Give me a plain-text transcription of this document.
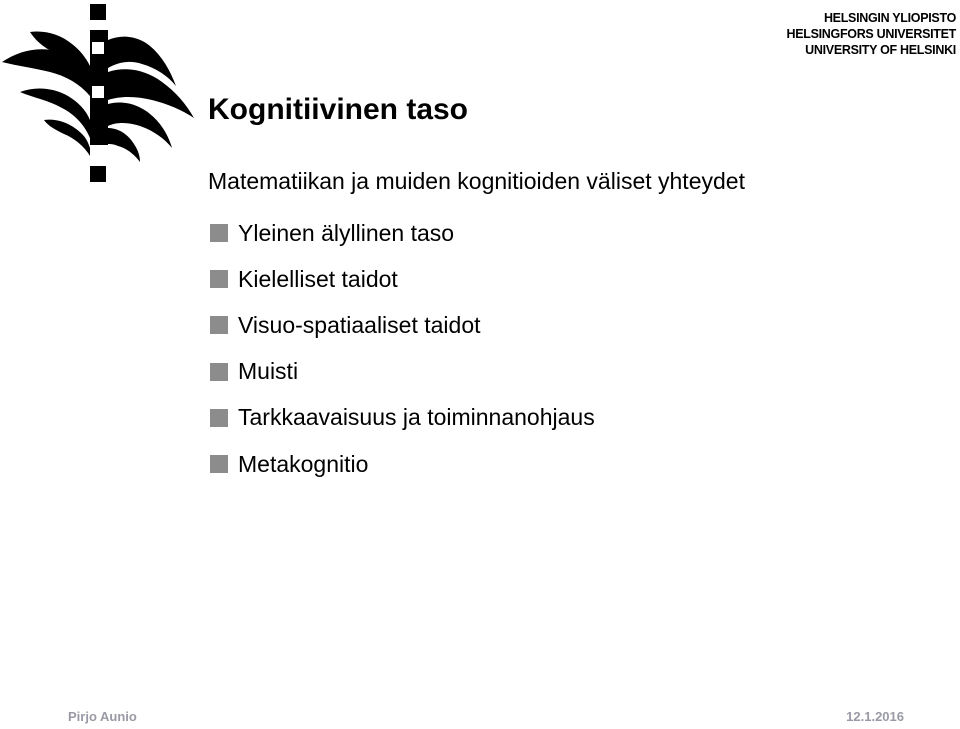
HELSINGIN YLIOPISTO
HELSINGFORS UNIVERSITET
UNIVERSITY OF HELSINKI
Kognitiivinen taso
Matematiikan ja muiden kognitioiden väliset yhteydet
Yleinen älyllinen taso
Kielelliset taidot
Visuo-spatiaaliset taidot
Muisti
Tarkkaavaisuus ja toiminnanohjaus
Metakognitio
Pirjo Aunio	12.1.2016
